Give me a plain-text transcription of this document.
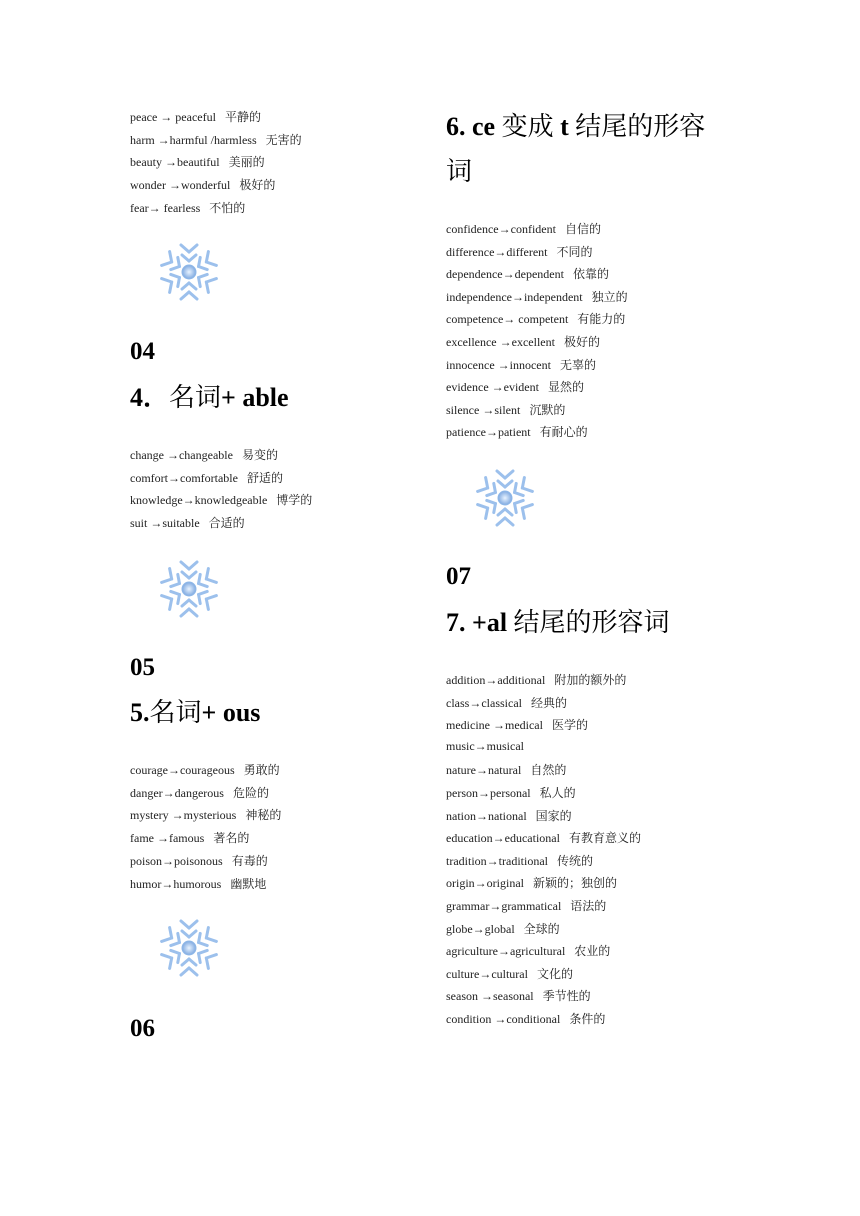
peace → peaceful 平静的
harm →harmful /harmless 无害的
beauty →beautiful 美丽的
wonder →wonderful 极好的
fear→ fearless 不怕的
04
4．名词+ able
change →changeable 易变的
comfort→comfortable 舒适的
knowledge→knowledgeable 博学的
suit →suitable 合适的
05
5.名词+ ous
courage→courageous 勇敢的
danger→dangerous 危险的
mystery →mysterious 神秘的
fame →famous 著名的
poison→poisonous 有毒的
humor→humorous 幽默地
06
6. ce 变成 t 结尾的形容
词
confidence→confident 自信的
difference→different 不同的
dependence→dependent 依靠的
independence→independent 独立的
competence→ competent 有能力的
excellence →excellent 极好的
innocence →innocent 无辜的
evidence →evident 显然的
silence →silent 沉默的
patience→patient 有耐心的
07
7. +al 结尾的形容词
addition→additional 附加的额外的
class→classical 经典的
medicine →medical 医学的
music→musical
nature→natural 自然的
person→personal 私人的
nation→national 国家的
education→educational 有教育意义的
tradition→traditional 传统的
origin→original 新颖的；独创的
grammar→grammatical 语法的
globe→global 全球的
agriculture→agricultural 农业的
culture→cultural 文化的
season →seasonal 季节性的
condition →conditional 条件的
